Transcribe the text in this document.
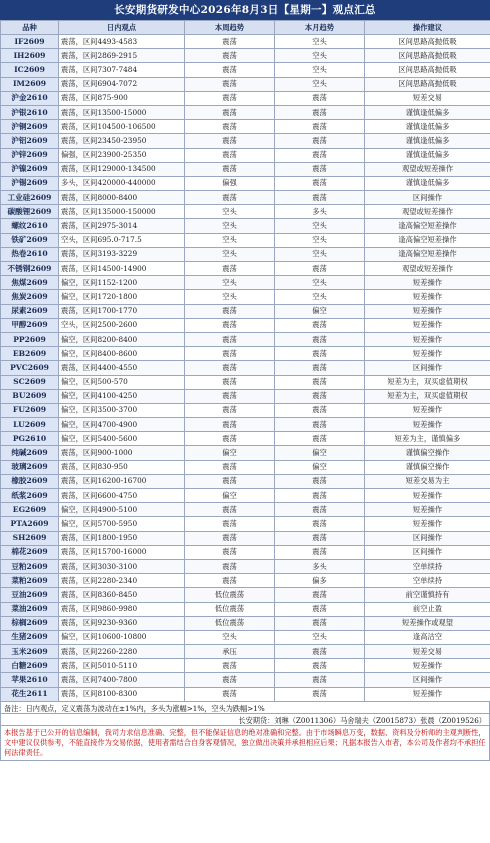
长安期货研发中心2026年8月3日【星期一】观点汇总
品种	日内观点	本周趋势	本月趋势	操作建议
IF2609	震荡，区间4493-4583	震荡	空头	区间思路高抛低吸
IH2609	震荡，区间2869-2915	震荡	空头	区间思路高抛低吸
IC2609	震荡，区间7307-7484	震荡	空头	区间思路高抛低吸
IM2609	震荡，区间6904-7072	震荡	空头	区间思路高抛低吸
沪金2610	震荡，区间875-900	震荡	震荡	短差交易
沪银2610	震荡，区间13500-15000	震荡	震荡	谨慎逢低偏多
沪铜2609	震荡，区间104500-106500	震荡	震荡	谨慎逢低偏多
沪铝2609	震荡，区间23450-23950	震荡	震荡	谨慎逢低偏多
沪锌2609	偏强，区间23900-25350	震荡	震荡	谨慎逢低偏多
沪镍2609	震荡，区间129000-134500	震荡	震荡	观望或短差操作
沪锡2609	多头，区间420000-440000	偏强	震荡	谨慎逢低偏多
工业硅2609	震荡，区间8000-8400	震荡	震荡	区间操作
碳酸锂2609	震荡，区间135000-150000	空头	多头	观望或短差操作
螺纹2610	震荡，区间2975-3014	空头	空头	逢高偏空短差操作
铁矿2609	空头，区间695.0-717.5	空头	空头	逢高偏空短差操作
热卷2610	震荡，区间3193-3229	空头	空头	逢高偏空短差操作
不锈钢2609	震荡，区间14500-14900	震荡	震荡	观望或短差操作
焦煤2609	偏空，区间1152-1200	空头	空头	短差操作
焦炭2609	偏空，区间1720-1800	空头	空头	短差操作
尿素2609	震荡，区间1700-1770	震荡	偏空	短差操作
甲醇2609	空头，区间2500-2600	震荡	震荡	短差操作
PP2609	偏空，区间8200-8400	震荡	震荡	短差操作
EB2609	偏空，区间8400-8600	震荡	震荡	短差操作
PVC2609	震荡，区间4400-4550	震荡	震荡	区间操作
SC2609	偏空，区间500-570	震荡	震荡	短差为主，双买虚值期权
BU2609	偏空，区间4100-4250	震荡	震荡	短差为主，双买虚值期权
FU2609	偏空，区间3500-3700	震荡	震荡	短差操作
LU2609	偏空，区间4700-4900	震荡	震荡	短差操作
PG2610	偏空，区间5400-5600	震荡	震荡	短差为主，谨慎偏多
纯碱2609	震荡，区间900-1000	偏空	偏空	谨慎偏空操作
玻璃2609	震荡，区间830-950	震荡	偏空	谨慎偏空操作
橡胶2609	震荡，区间16200-16700	震荡	震荡	短差交易为主
纸浆2609	震荡，区间6600-4750	偏空	震荡	短差操作
EG2609	偏空，区间4900-5100	震荡	震荡	短差操作
PTA2609	偏空，区间5700-5950	震荡	震荡	短差操作
SH2609	震荡，区间1800-1950	震荡	震荡	区间操作
棉花2609	震荡，区间15700-16000	震荡	震荡	区间操作
豆粕2609	震荡，区间3030-3100	震荡	多头	空单续持
菜粕2609	震荡，区间2280-2340	震荡	偏多	空单续持
豆油2609	震荡，区间8360-8450	低位震荡	震荡	前空谨慎持有
菜油2609	震荡，区间9860-9980	低位震荡	震荡	前空止盈
棕榈2609	震荡，区间9230-9360	低位震荡	震荡	短差操作或观望
生猪2609	偏空，区间10600-10800	空头	空头	逢高沽空
玉米2609	震荡，区间2260-2280	承压	震荡	短差交易
白糖2609	震荡，区间5010-5110	震荡	震荡	短差操作
苹果2610	震荡，区间7400-7800	震荡	震荡	区间操作
花生2611	震荡，区间8100-8300	震荡	震荡	短差操作
备注：日内观点，定义震荡为波动在±1%内，多头为涨幅>1%，空头为跌幅>1%
长安期货：刘琳（Z0011306）马舍瑞夫（Z0015873）张晨（Z0019526）
本报告基于已公开的信息编制，我司力求信息准确、完整，但不能保证信息的绝对准确和完整。由于市场瞬息万变，数据、资料及分析师的主观判断性，文中建议仅供参考，不能直接作为交易依据，使用者需结合自身客观情况，独立做出决策并承担相应后果；凡据本报告入市者，本公司及作者均不承担任何法律责任。
